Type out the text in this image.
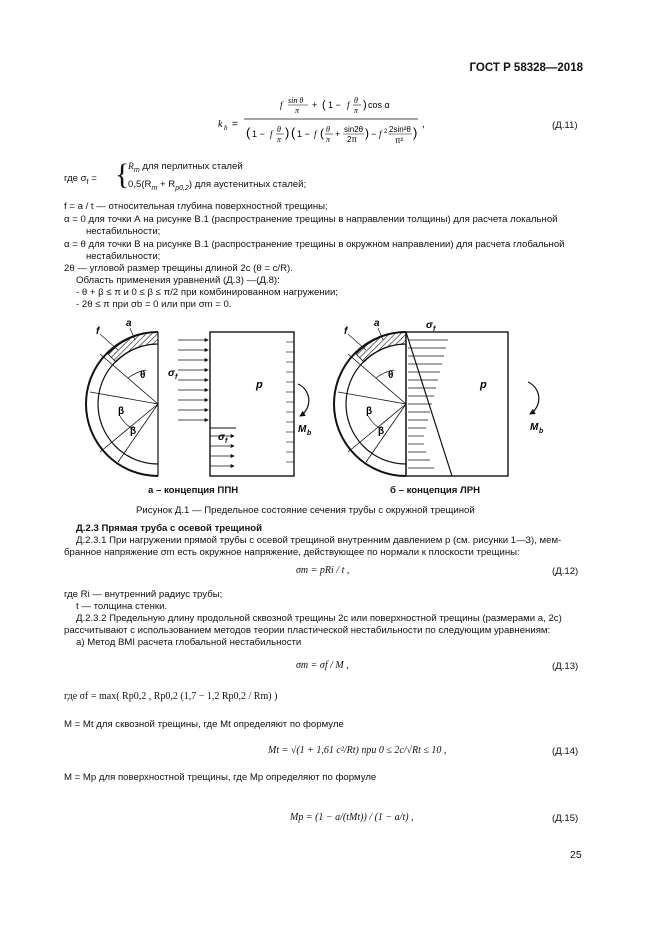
ГОСТ Р 58328—2018
k b =
f sin θ
π
+ ( 1 − f θ
π ) cos α
( 1 − f θ
π ) ( 1 − f ( θ
π
+ sin2θ
2π ) − f 2 2sin²θ
π²
)
,	(Д.11)
где $\sigma_f$ = {
$R_m$ для перлитных сталей
$0,5(R_m + R_{p0,2})$ для аустенитных сталей;
f = a / t — относительная глубина поверхностной трещины;
α = 0 для точки А на рисунке В.1 (распространение трещины в направлении толщины) для расчета локальной
нестабильности;
α = θ для точки В на рисунке В.1 (распространение трещины в окружном направлении) для расчета глобальной
нестабильности;
2θ — угловой размер трещины длиной 2с (θ = c/R).
Область применения уравнений (Д.3) —(Д.8):
- θ + β ≤ π и 0 ≤ β ≤ π/2 при комбинированном нагружении;
- 2θ ≤ π при σb = 0 или при σm = 0.
f
a
θ
β
β
σ f
σ f
p
M b
f
a
θ
β
β
σ f
p
M b
а – концепция ППН	б – концепция ЛРН
Рисунок Д.1 — Предельное состояние сечения трубы с окружной трещиной
Д.2.3 Прямая труба с осевой трещиной
Д.2.3.1 При нагружении прямой трубы с осевой трещиной внутренним давлением р (см. рисунки 1—3), мем-
бранное напряжение σm есть окружное напряжение, действующее по нормали к плоскости трещины:
σm = pRi / t ,	(Д.12)
где Ri — внутренний радиус трубы;
t — толщина стенки.
Д.2.3.2 Предельную длину продольной сквозной трещины 2с или поверхностной трещины (размерами a, 2c)
рассчитывают с использованием методов теории пластической нестабильности по следующим уравнениям:
а) Метод BMI расчета глобальной нестабильности
σm = σf / M ,	(Д.13)
где σf = max( Rp0,2 , Rp0,2 (1,7 − 1,2 Rp0,2 / Rm) )
M = Mt для сквозной трещины, где Mt определяют по формуле
Mt = √(1 + 1,61 c²/Rt) при 0 ≤ 2c/√Rt ≤ 10 ,	(Д.14)
M = Mp для поверхностной трещины, где Mp определяют по формуле
Mp = (1 − a/(tMt)) / (1 − a/t) ,	(Д.15)
25
